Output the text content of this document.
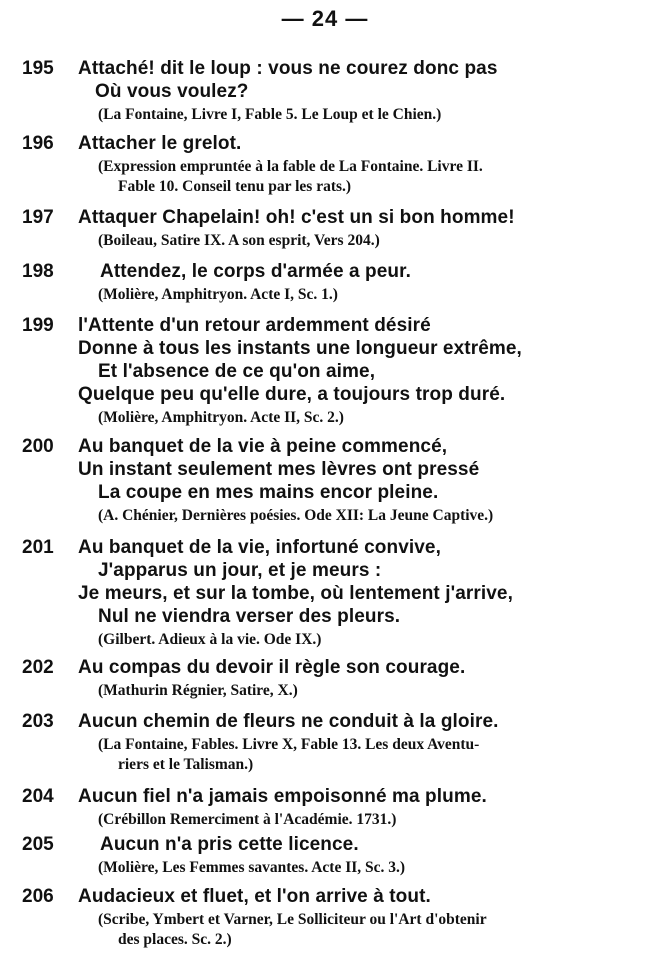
— 24 —
195 Attaché! dit le loup : vous ne courez donc pas
Où vous voulez?
(La Fontaine, Livre I, Fable 5. Le Loup et le Chien.)
196 Attacher le grelot.
(Expression empruntée à la fable de La Fontaine. Livre II.
Fable 10. Conseil tenu par les rats.)
197 Attaquer Chapelain! oh! c'est un si bon homme!
(Boileau, Satire IX. A son esprit, Vers 204.)
198 Attendez, le corps d'armée a peur.
(Molière, Amphitryon. Acte I, Sc. 1.)
199 l'Attente d'un retour ardemment désiré
Donne à tous les instants une longueur extrême,
Et l'absence de ce qu'on aime,
Quelque peu qu'elle dure, a toujours trop duré.
(Molière, Amphitryon. Acte II, Sc. 2.)
200 Au banquet de la vie à peine commencé,
Un instant seulement mes lèvres ont pressé
La coupe en mes mains encor pleine.
(A. Chénier, Dernières poésies. Ode XII: La Jeune Captive.)
201 Au banquet de la vie, infortuné convive,
J'apparus un jour, et je meurs :
Je meurs, et sur la tombe, où lentement j'arrive,
Nul ne viendra verser des pleurs.
(Gilbert. Adieux à la vie. Ode IX.)
202 Au compas du devoir il règle son courage.
(Mathurin Régnier, Satire, X.)
203 Aucun chemin de fleurs ne conduit à la gloire.
(La Fontaine, Fables. Livre X, Fable 13. Les deux Aventu-
riers et le Talisman.)
204 Aucun fiel n'a jamais empoisonné ma plume.
(Crébillon Remerciment à l'Académie. 1731.)
205 Aucun n'a pris cette licence.
(Molière, Les Femmes savantes. Acte II, Sc. 3.)
206 Audacieux et fluet, et l'on arrive à tout.
(Scribe, Ymbert et Varner, Le Solliciteur ou l'Art d'obtenir
des places. Sc. 2.)
